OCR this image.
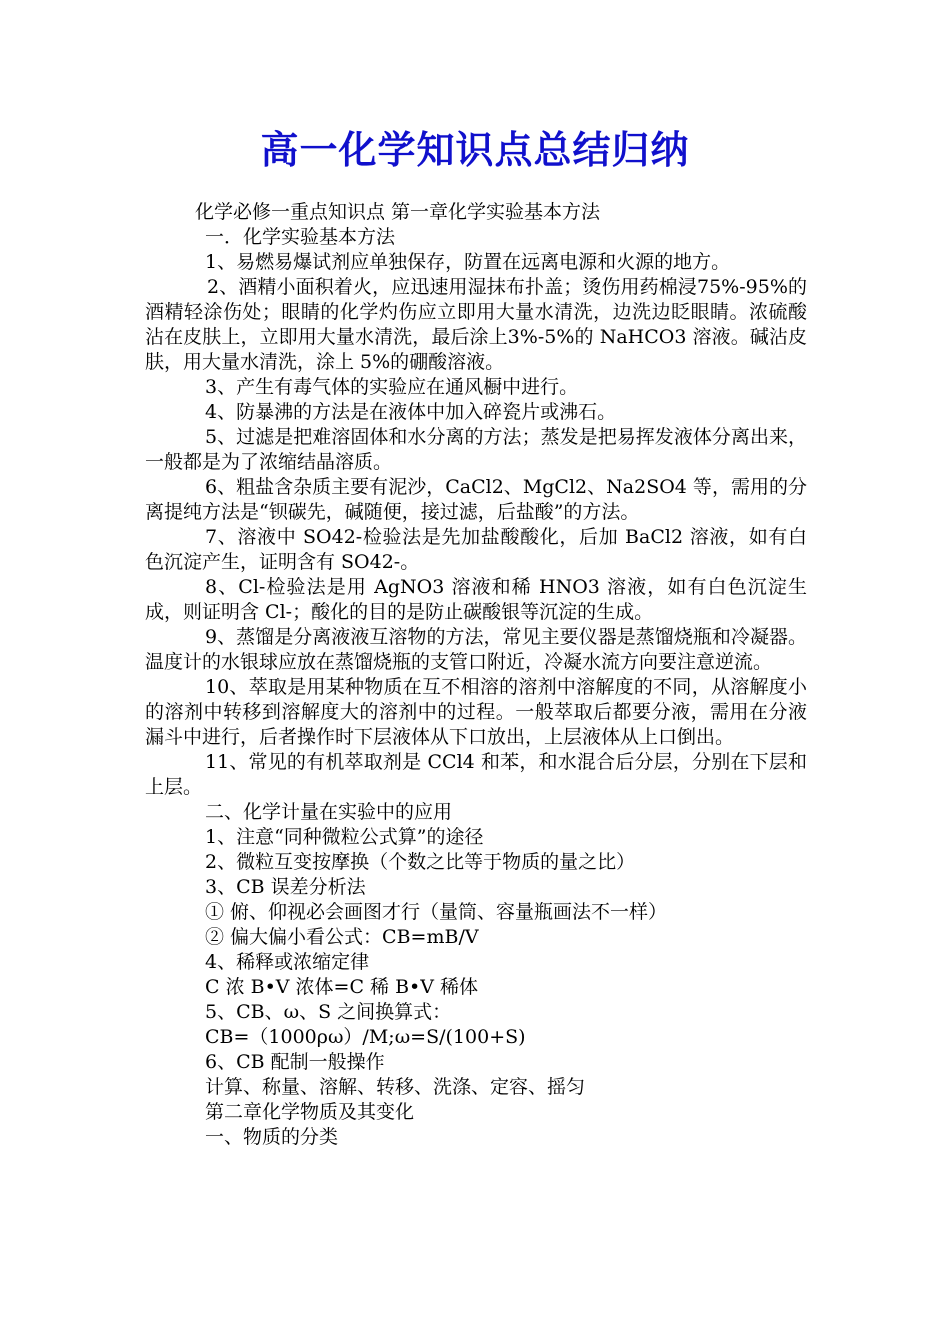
高一化学知识点总结归纳

化学必修一重点知识点 第一章化学实验基本方法

一．化学实验基本方法

1、易燃易爆试剂应单独保存，防置在远离电源和火源的地方。

2、酒精小面积着火，应迅速用湿抹布扑盖；烫伤用药棉浸75%-95%的酒精轻涂伤处；眼睛的化学灼伤应立即用大量水清洗，边洗边眨眼睛。浓硫酸沾在皮肤上，立即用大量水清洗，最后涂上3%-5%的 NaHCO3 溶液。碱沾皮肤，用大量水清洗，涂上 5%的硼酸溶液。

3、产生有毒气体的实验应在通风橱中进行。

4、防暴沸的方法是在液体中加入碎瓷片或沸石。

5、过滤是把难溶固体和水分离的方法；蒸发是把易挥发液体分离出来，一般都是为了浓缩结晶溶质。

6、粗盐含杂质主要有泥沙，CaCl2、MgCl2、Na2SO4 等，需用的分离提纯方法是“钡碳先，碱随便，接过滤，后盐酸”的方法。

7、溶液中 SO42-检验法是先加盐酸酸化，后加 BaCl2 溶液，如有白色沉淀产生，证明含有 SO42-。

8、Cl-检验法是用 AgNO3 溶液和稀 HNO3 溶液，如有白色沉淀生成，则证明含 Cl-；酸化的目的是防止碳酸银等沉淀的生成。

9、蒸馏是分离液液互溶物的方法，常见主要仪器是蒸馏烧瓶和冷凝器。温度计的水银球应放在蒸馏烧瓶的支管口附近，冷凝水流方向要注意逆流。

10、萃取是用某种物质在互不相溶的溶剂中溶解度的不同，从溶解度小的溶剂中转移到溶解度大的溶剂中的过程。一般萃取后都要分液，需用在分液漏斗中进行，后者操作时下层液体从下口放出，上层液体从上口倒出。

11、常见的有机萃取剂是 CCl4 和苯，和水混合后分层，分别在下层和上层。

二、化学计量在实验中的应用

1、注意“同种微粒公式算”的途径

2、微粒互变按摩换（个数之比等于物质的量之比）

3、CB 误差分析法

① 俯、仰视必会画图才行（量筒、容量瓶画法不一样）

② 偏大偏小看公式：CB=mB/V

4、稀释或浓缩定律

C 浓 B•V 浓体=C 稀 B•V 稀体

5、CB、ω、S 之间换算式：

CB=（1000ρω）/M;ω=S/(100+S)

6、CB 配制一般操作

计算、称量、溶解、转移、洗涤、定容、摇匀

第二章化学物质及其变化

一、物质的分类
